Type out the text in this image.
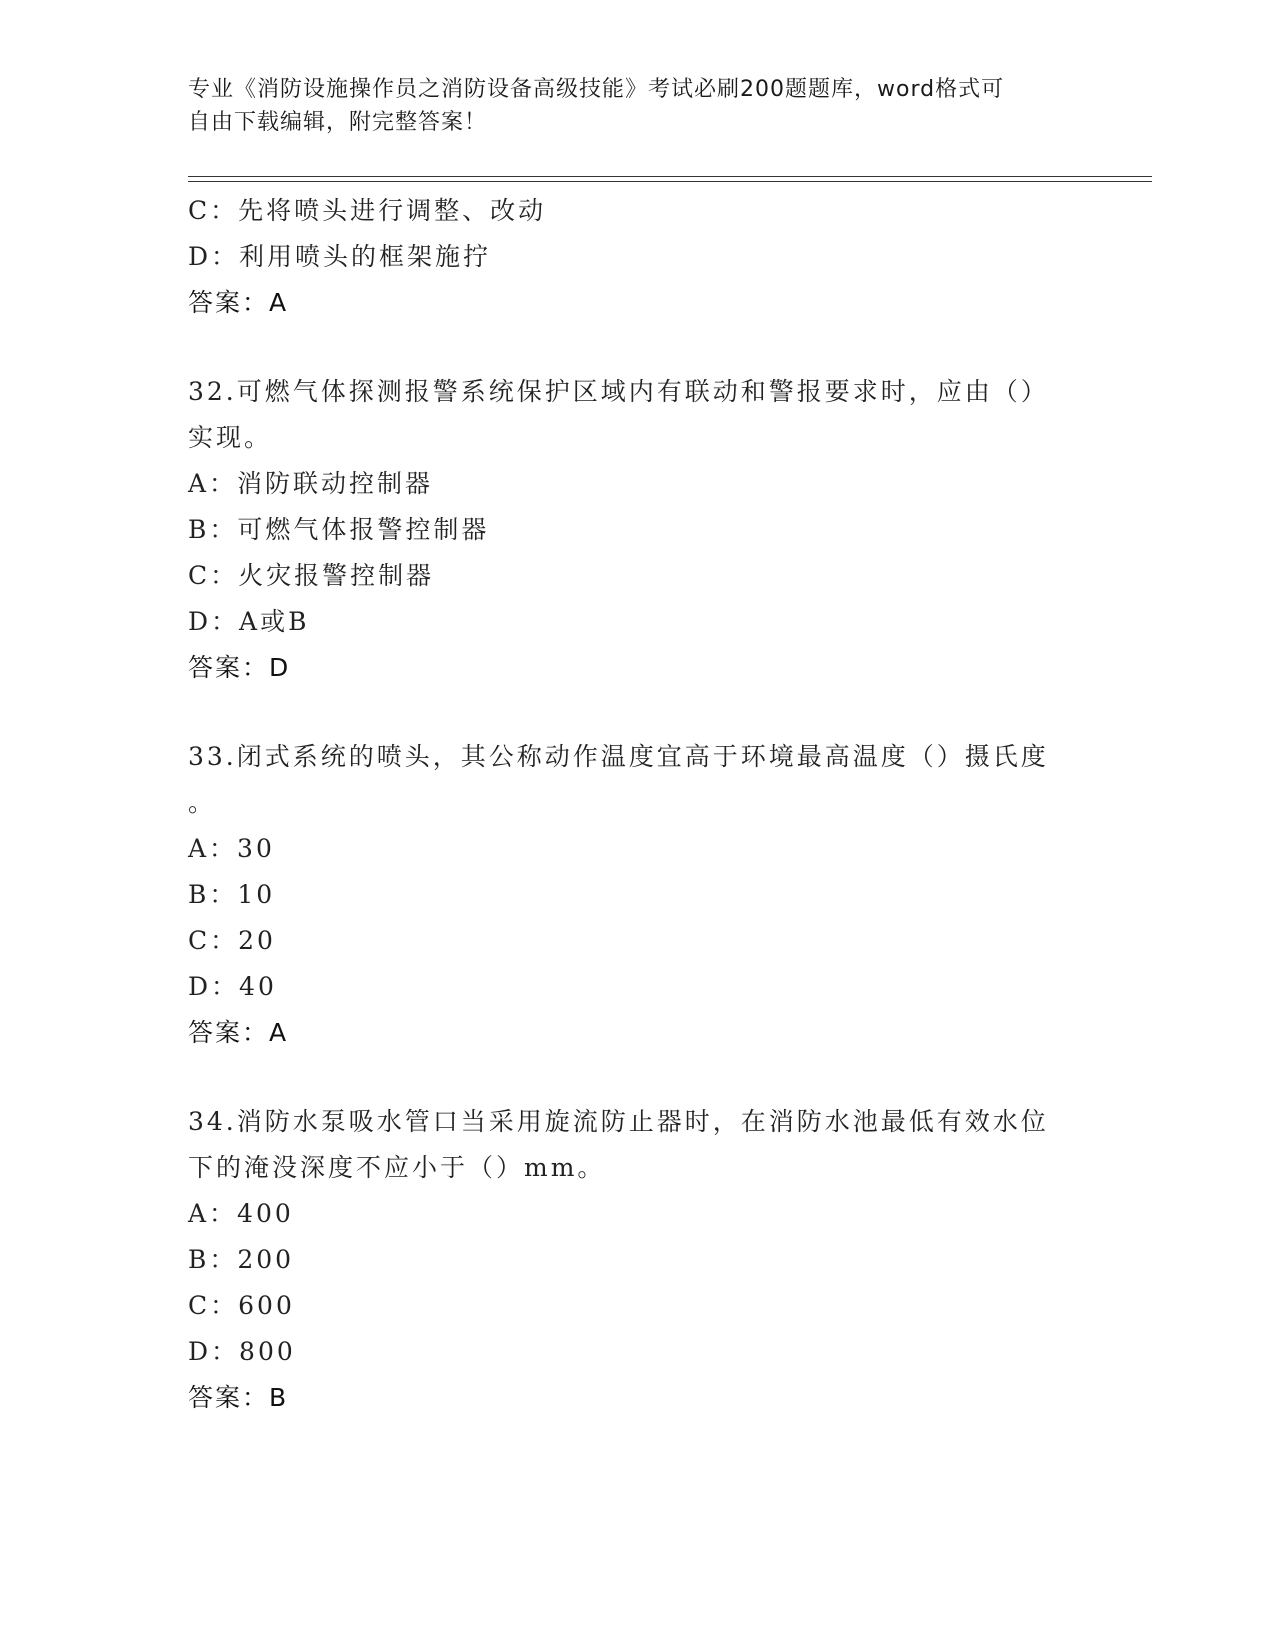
专业《消防设施操作员之消防设备高级技能》考试必刷200题题库，word格式可
自由下载编辑，附完整答案！
C：先将喷头进行调整、改动
D：利用喷头的框架施拧
答案：A
32.可燃气体探测报警系统保护区域内有联动和警报要求时，应由（）
实现。
A：消防联动控制器
B：可燃气体报警控制器
C：火灾报警控制器
D：A或B
答案：D
33.闭式系统的喷头，其公称动作温度宜高于环境最高温度（）摄氏度
。
A：30
B：10
C：20
D：40
答案：A
34.消防水泵吸水管口当采用旋流防止器时，在消防水池最低有效水位
下的淹没深度不应小于（）mm。
A：400
B：200
C：600
D：800
答案：B
